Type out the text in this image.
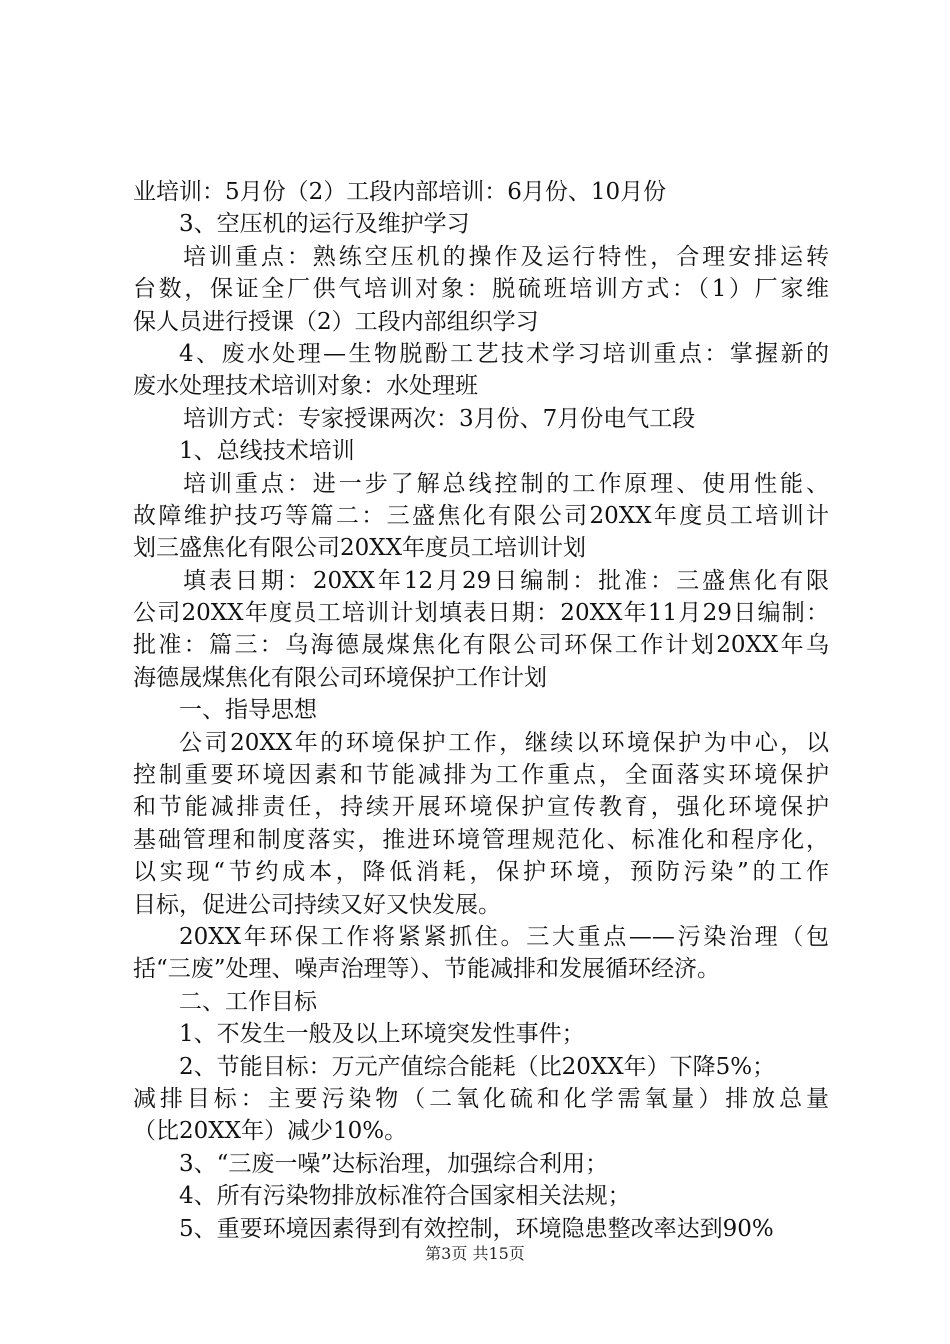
业培训：5月份（2）工段内部培训：6月份、10月份
3、空压机的运行及维护学习
培训重点：熟练空压机的操作及运行特性，合理安排运转
台数，保证全厂供气培训对象：脱硫班培训方式：（1）厂家维
保人员进行授课（2）工段内部组织学习
4、废水处理—生物脱酚工艺技术学习培训重点：掌握新的
废水处理技术培训对象：水处理班
培训方式：专家授课两次：3月份、7月份电气工段
1、总线技术培训
培训重点：进一步了解总线控制的工作原理、使用性能、
故障维护技巧等篇二：三盛焦化有限公司20XX年度员工培训计
划三盛焦化有限公司20XX年度员工培训计划
填表日期：20XX年12月29日编制：批准：三盛焦化有限
公司20XX年度员工培训计划填表日期：20XX年11月29日编制：
批准：篇三：乌海德晟煤焦化有限公司环保工作计划20XX年乌
海德晟煤焦化有限公司环境保护工作计划
一、指导思想
公司20XX年的环境保护工作，继续以环境保护为中心，以
控制重要环境因素和节能减排为工作重点，全面落实环境保护
和节能减排责任，持续开展环境保护宣传教育，强化环境保护
基础管理和制度落实，推进环境管理规范化、标准化和程序化，
以实现“节约成本，降低消耗，保护环境，预防污染”的工作
目标，促进公司持续又好又快发展。
20XX年环保工作将紧紧抓住。三大重点——污染治理（包
括“三废”处理、噪声治理等）、节能减排和发展循环经济。
二、工作目标
1、不发生一般及以上环境突发性事件；
2、节能目标：万元产值综合能耗（比20XX年）下降5%；
减排目标：主要污染物（二氧化硫和化学需氧量）排放总量
（比20XX年）减少10%。
3、“三废一噪”达标治理，加强综合利用；
4、所有污染物排放标准符合国家相关法规；
5、重要环境因素得到有效控制，环境隐患整改率达到90%
第3页 共15页
